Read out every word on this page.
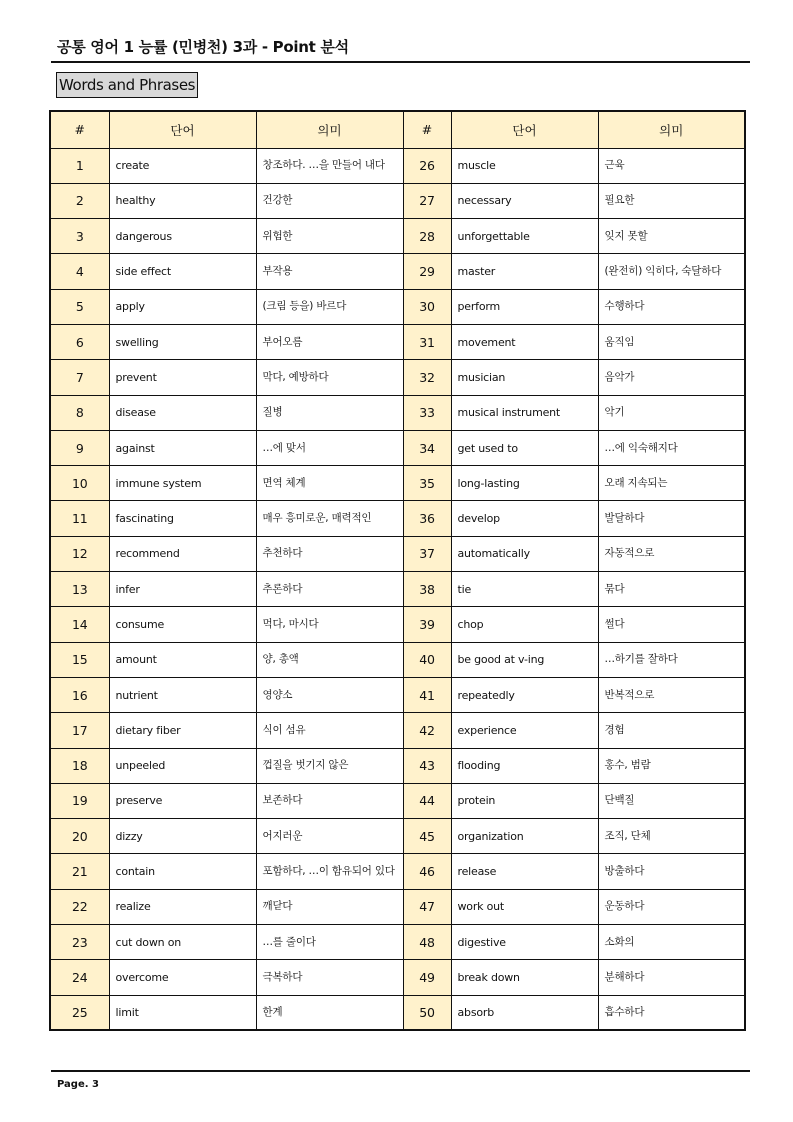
공통 영어 1 능률 (민병천) 3과 - Point 분석
Words and Phrases
#	단어	의미	#	단어	의미
1	create	창조하다. …을 만들어 내다	26	muscle	근육
2	healthy	건강한	27	necessary	필요한
3	dangerous	위험한	28	unforgettable	잊지 못할
4	side effect	부작용	29	master	(완전히) 익히다, 숙달하다
5	apply	(크림 등을) 바르다	30	perform	수행하다
6	swelling	부어오름	31	movement	움직임
7	prevent	막다, 예방하다	32	musician	음악가
8	disease	질병	33	musical instrument	악기
9	against	…에 맞서	34	get used to	…에 익숙해지다
10	immune system	면역 체계	35	long-lasting	오래 지속되는
11	fascinating	매우 흥미로운, 매력적인	36	develop	발달하다
12	recommend	추천하다	37	automatically	자동적으로
13	infer	추론하다	38	tie	묶다
14	consume	먹다, 마시다	39	chop	썰다
15	amount	양, 총액	40	be good at v-ing	…하기를 잘하다
16	nutrient	영양소	41	repeatedly	반복적으로
17	dietary fiber	식이 섬유	42	experience	경험
18	unpeeled	껍질을 벗기지 않은	43	flooding	홍수, 범람
19	preserve	보존하다	44	protein	단백질
20	dizzy	어지러운	45	organization	조직, 단체
21	contain	포함하다, …이 함유되어 있다	46	release	방출하다
22	realize	깨닫다	47	work out	운동하다
23	cut down on	…를 줄이다	48	digestive	소화의
24	overcome	극복하다	49	break down	분해하다
25	limit	한계	50	absorb	흡수하다
Page. 3
